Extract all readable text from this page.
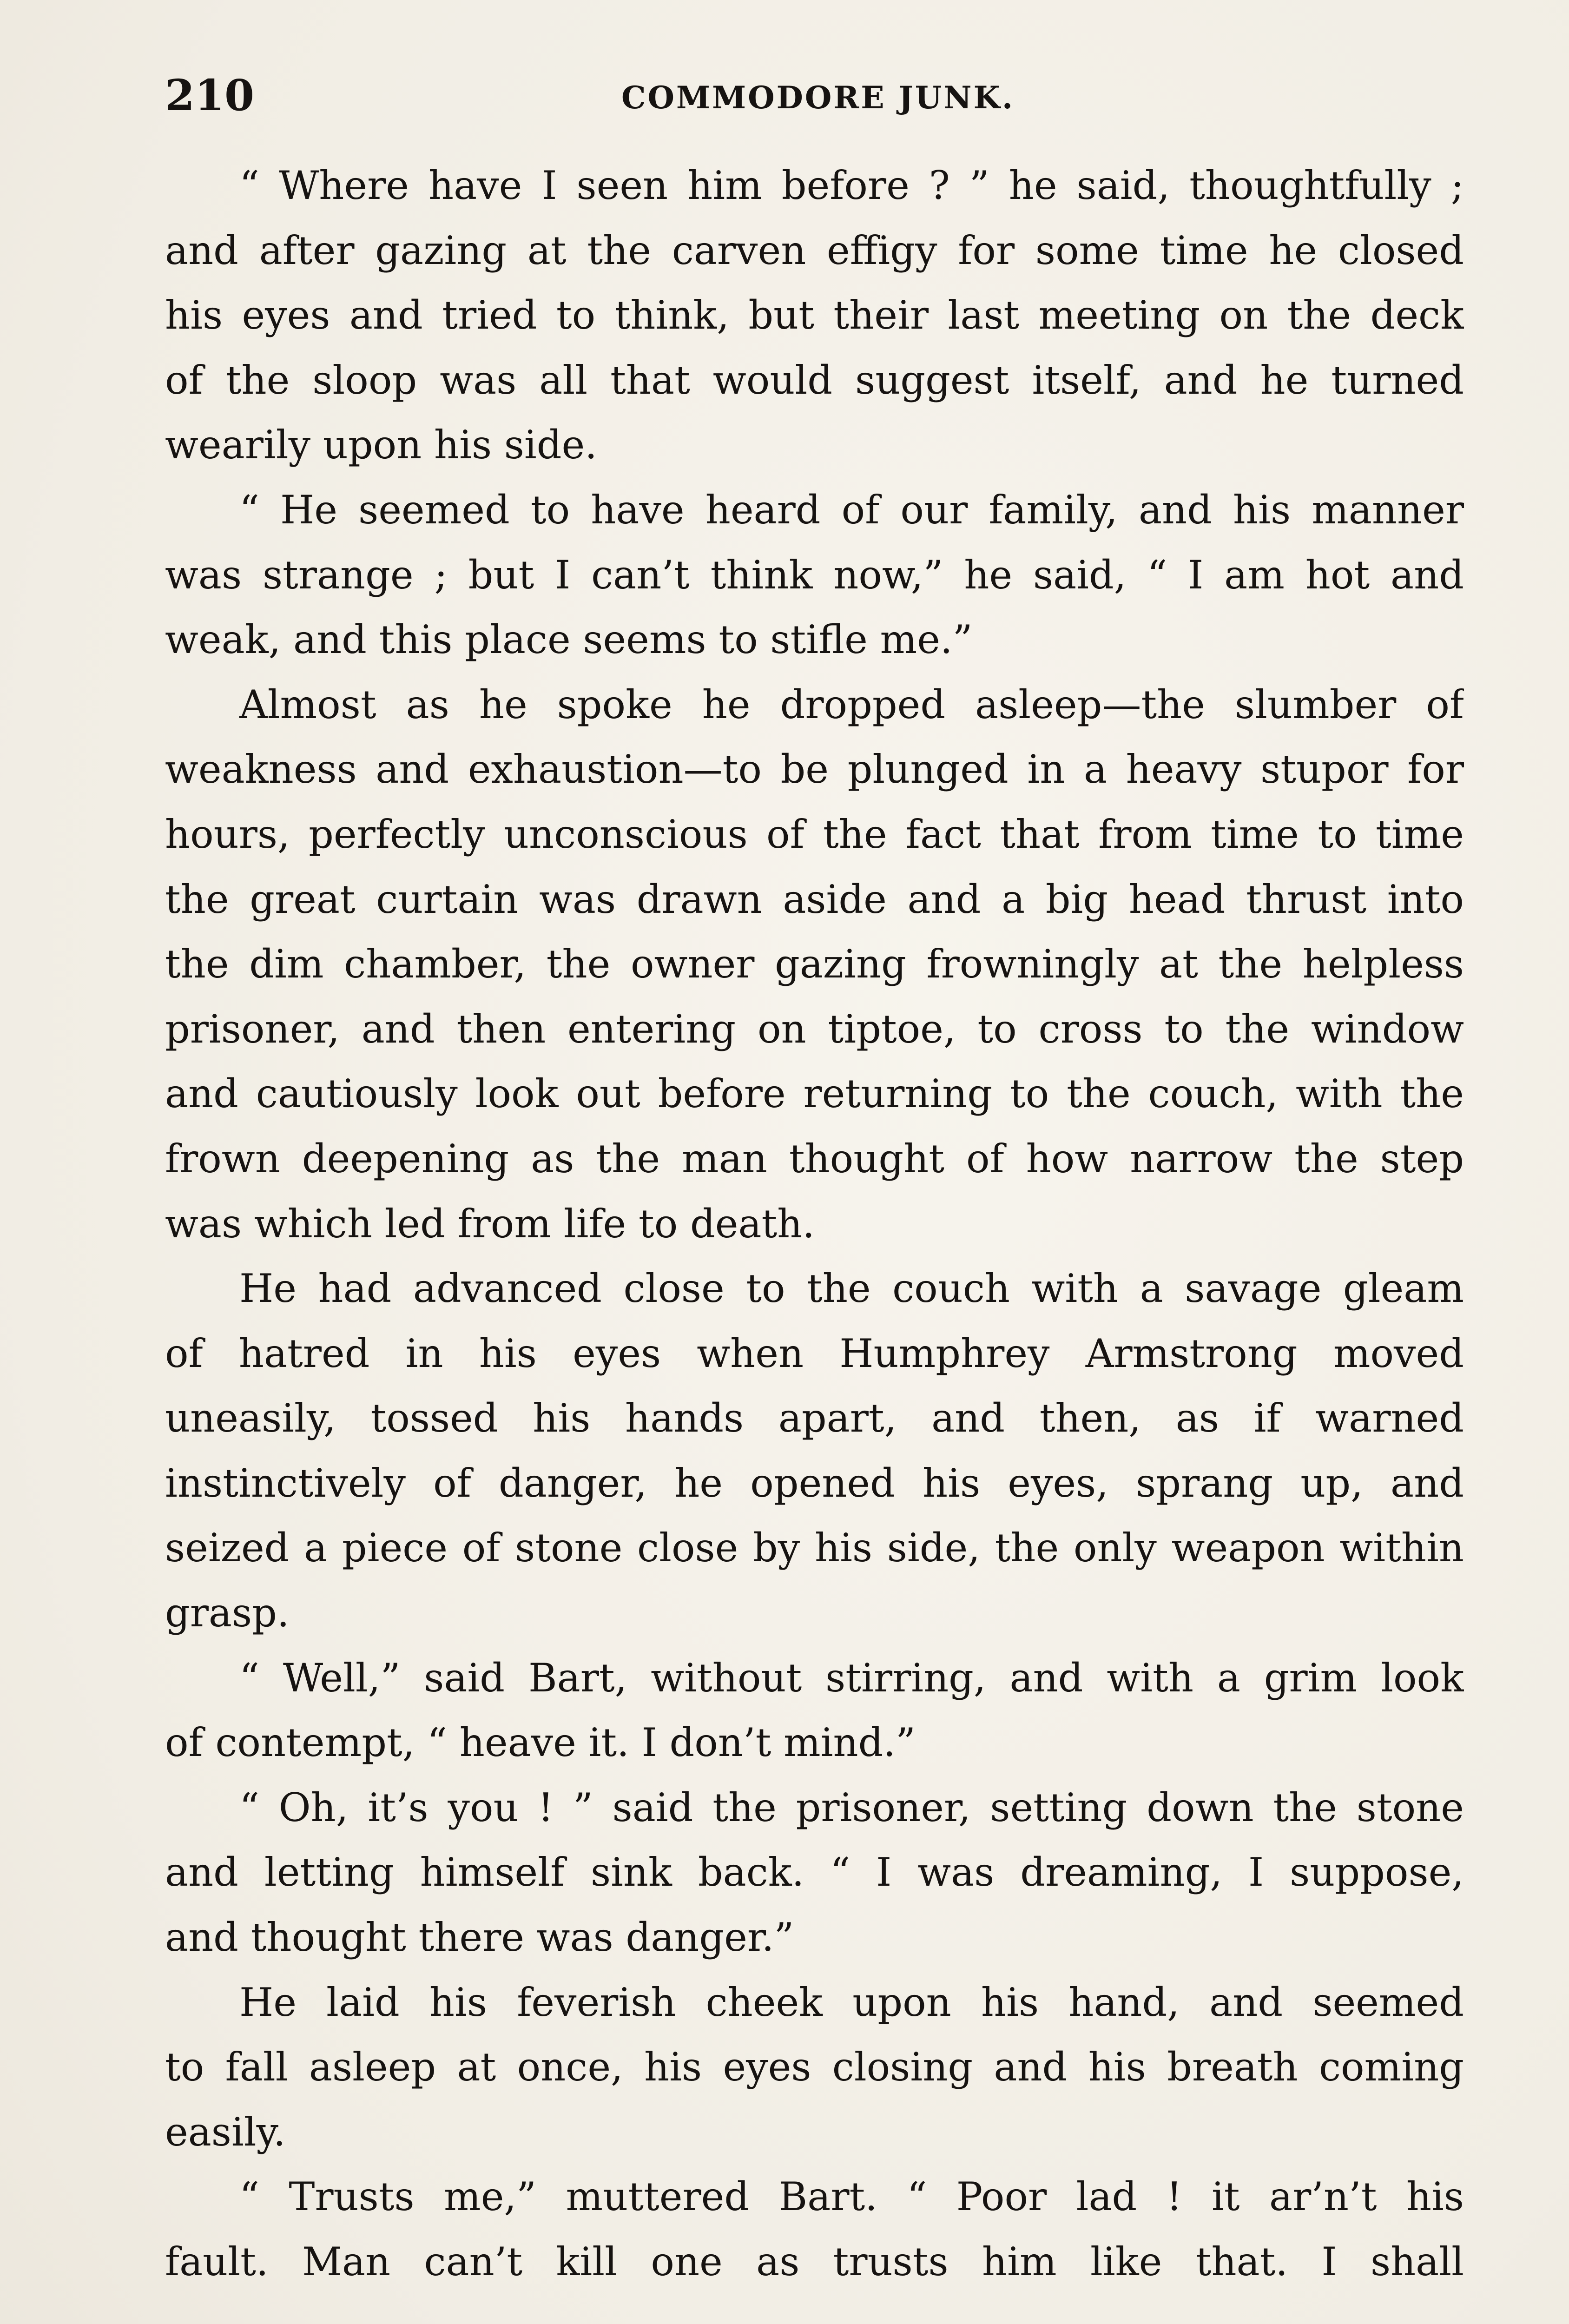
210	COMMODORE JUNK.
“ Where have I seen him before ? ” he said, thoughtfully ;
and after gazing at the carven effigy for some time he closed
his eyes and tried to think, but their last meeting on the deck
of the sloop was all that would suggest itself, and he turned
wearily upon his side.
“ He seemed to have heard of our family, and his manner
was strange ; but I can’t think now,” he said, “ I am hot and
weak, and this place seems to stifle me.”
Almost as he spoke he dropped asleep—the slumber of
weakness and exhaustion—to be plunged in a heavy stupor for
hours, perfectly unconscious of the fact that from time to time
the great curtain was drawn aside and a big head thrust into
the dim chamber, the owner gazing frowningly at the helpless
prisoner, and then entering on tiptoe, to cross to the window
and cautiously look out before returning to the couch, with the
frown deepening as the man thought of how narrow the step
was which led from life to death.
He had advanced close to the couch with a savage gleam
of hatred in his eyes when Humphrey Armstrong moved
uneasily, tossed his hands apart, and then, as if warned
instinctively of danger, he opened his eyes, sprang up, and
seized a piece of stone close by his side, the only weapon within
grasp.
“ Well,” said Bart, without stirring, and with a grim look
of contempt, “ heave it. I don’t mind.”
“ Oh, it’s you ! ” said the prisoner, setting down the stone
and letting himself sink back. “ I was dreaming, I suppose,
and thought there was danger.”
He laid his feverish cheek upon his hand, and seemed
to fall asleep at once, his eyes closing and his breath coming
easily.
“ Trusts me,” muttered Bart. “ Poor lad ! it ar’n’t his
fault. Man can’t kill one as trusts him like that. I shall
